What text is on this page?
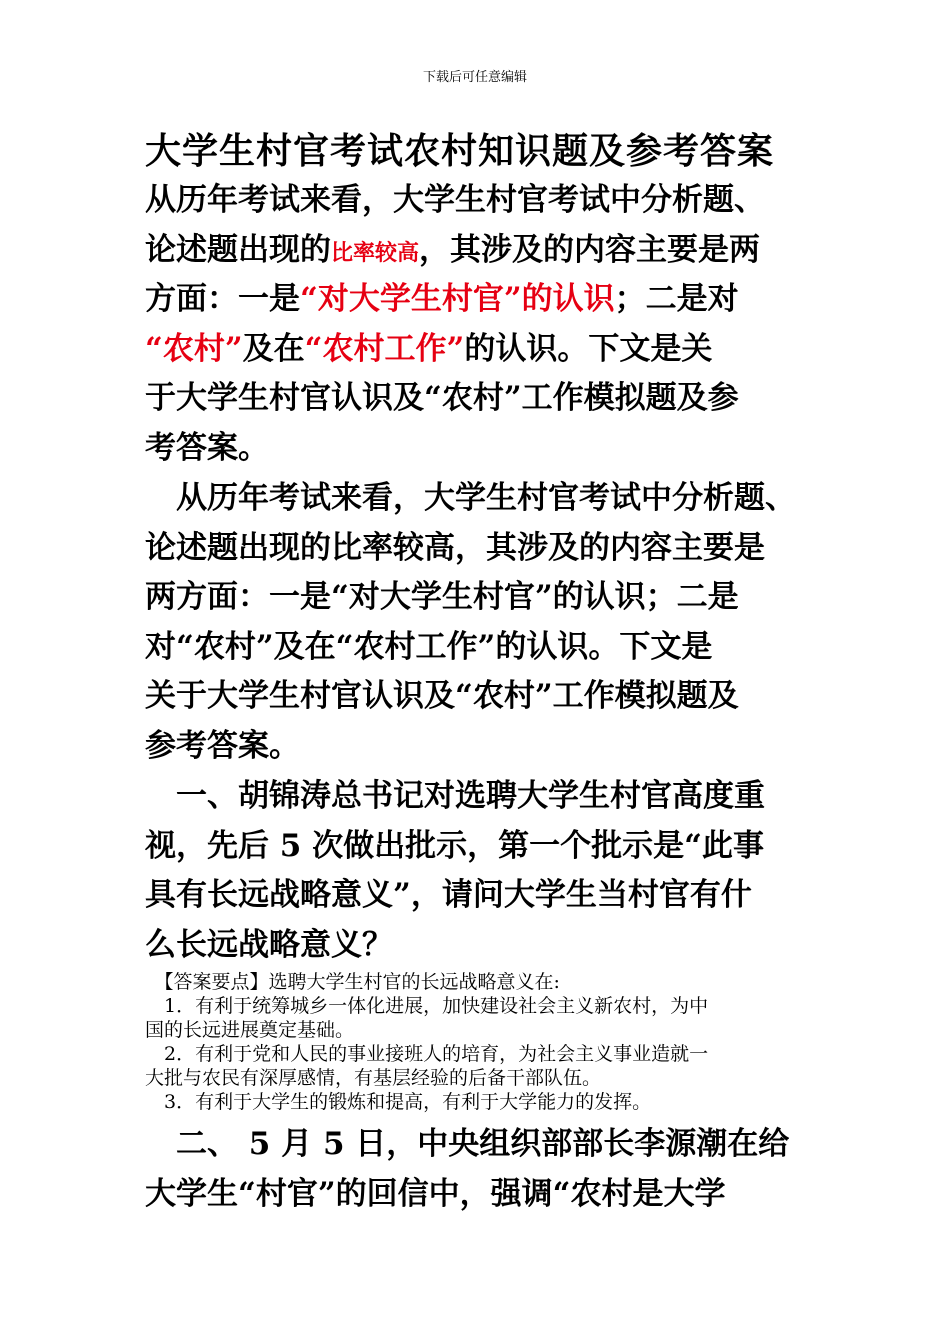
下载后可任意编辑
大学生村官考试农村知识题及参考答案
从历年考试来看，大学生村官考试中分析题、
论述题出现的比率较高，其涉及的内容主要是两
方面：一是“对大学生村官”的认识；二是对
“农村”及在“农村工作”的认识。下文是关
于大学生村官认识及“农村”工作模拟题及参
考答案。
　从历年考试来看，大学生村官考试中分析题、
论述题出现的比率较高，其涉及的内容主要是
两方面：一是“对大学生村官”的认识；二是
对“农村”及在“农村工作”的认识。下文是
关于大学生村官认识及“农村”工作模拟题及
参考答案。
　一、胡锦涛总书记对选聘大学生村官高度重
视，先后 5 次做出批示，第一个批示是“此事
具有长远战略意义”，请问大学生当村官有什
么长远战略意义？
　【答案要点】选聘大学生村官的长远战略意义在:
　1．有利于统筹城乡一体化进展，加快建设社会主义新农村，为中
国的长远进展奠定基础。
　2．有利于党和人民的事业接班人的培育，为社会主义事业造就一
大批与农民有深厚感情，有基层经验的后备干部队伍。
　3．有利于大学生的锻炼和提高，有利于大学能力的发挥。
　二、 5 月 5 日，中央组织部部长李源潮在给
大学生“村官”的回信中，强调“农村是大学
